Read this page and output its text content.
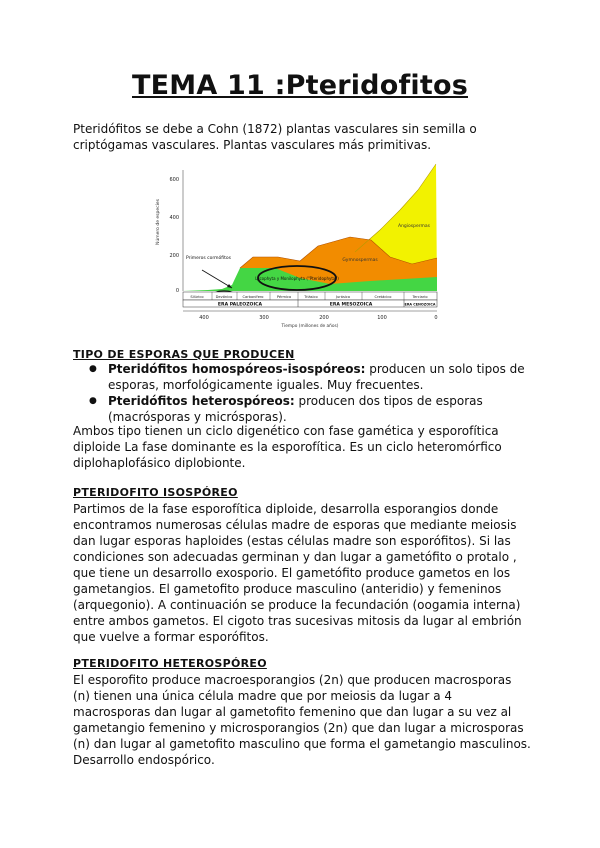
TEMA 11 :Pteridofitos
Pteridófitos se debe a Cohn (1872) plantas vasculares sin semilla o criptógamas vasculares. Plantas vasculares más primitivas.
Número de especies
600
400
200
0
Angiospermas
Gymnospermas
Lycophyta y Monilophyta ("Pteridophyta")
Primeros cormófitos
Silúrico	Devónico	Carbonífero	Pérmico	Triásico	Jurásico	Cretácico	Terciario
ERA PALEOZOICA	ERA MESOZOICA	ERA CENOZOICA
400	300	200	100	0
Tiempo (millones de años)
TIPO DE ESPORAS QUE PRODUCEN
● Pteridófitos homospóreos-isospóreos: producen un solo tipos de esporas, morfológicamente iguales. Muy frecuentes.
● Pteridófitos heterospóreos: producen dos tipos de esporas (macrósporas y micrósporas).
Ambos tipo tienen un ciclo digenético con fase gamética y esporofítica diploide La fase dominante es la esporofítica. Es un ciclo heteromórfico diplohaplofásico diplobionte.
PTERIDOFITO ISOSPÓREO
Partimos de la fase esporofítica diploide, desarrolla esporangios donde encontramos numerosas células madre de esporas que mediante meiosis dan lugar esporas haploides (estas células madre son esporófitos). Si las condiciones son adecuadas germinan y dan lugar a gametófito o protalo , que tiene un desarrollo exosporio. El gametófito produce gametos en los gametangios. El gametofito produce masculino (anteridio) y femeninos (arquegonio). A continuación se produce la fecundación (oogamia interna) entre ambos gametos. El cigoto tras sucesivas mitosis da lugar al embrión que vuelve a formar esporófitos.
PTERIDOFITO HETEROSPÓREO
El esporofito produce macroesporangios (2n) que producen macrosporas (n) tienen una única célula madre que por meiosis da lugar a 4 macrosporas dan lugar al gametofito femenino que dan lugar a su vez al gametangio femenino y microsporangios (2n) que dan lugar a microsporas (n) dan lugar al gametofito masculino que forma el gametangio masculinos. Desarrollo endospórico.
